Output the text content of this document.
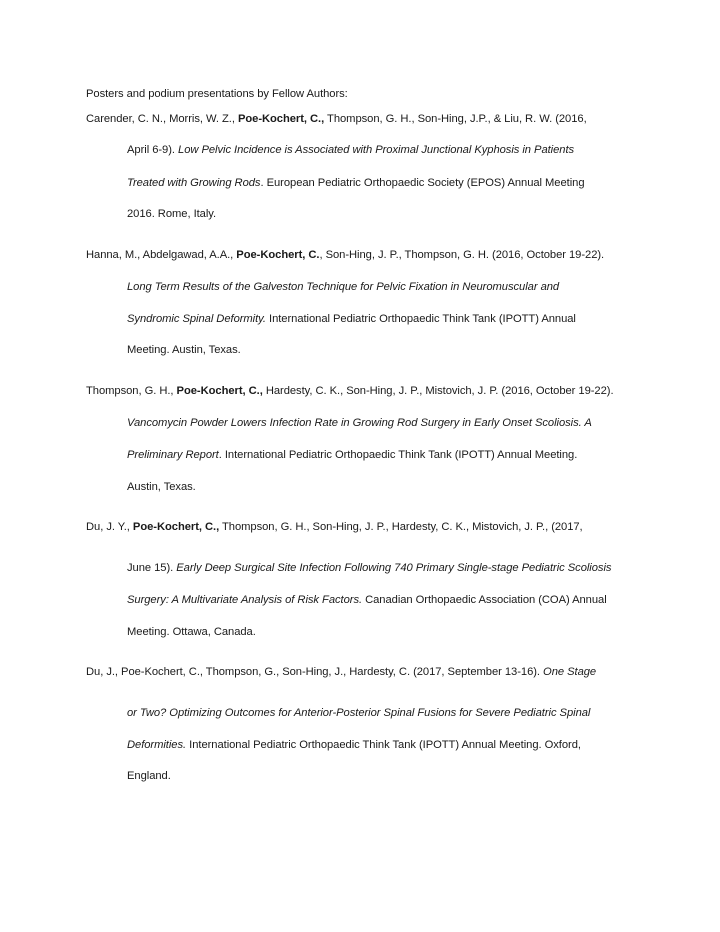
Posters and podium presentations by Fellow Authors:
Carender, C. N., Morris, W. Z., Poe-Kochert, C., Thompson, G. H., Son-Hing, J.P., & Liu, R. W. (2016,
April 6-9). Low Pelvic Incidence is Associated with Proximal Junctional Kyphosis in Patients
Treated with Growing Rods. European Pediatric Orthopaedic Society (EPOS) Annual Meeting
2016. Rome, Italy.
Hanna, M., Abdelgawad, A.A., Poe-Kochert, C., Son-Hing, J. P., Thompson, G. H. (2016, October 19-22).
Long Term Results of the Galveston Technique for Pelvic Fixation in Neuromuscular and
Syndromic Spinal Deformity. International Pediatric Orthopaedic Think Tank (IPOTT) Annual
Meeting. Austin, Texas.
Thompson, G. H., Poe-Kochert, C., Hardesty, C. K., Son-Hing, J. P., Mistovich, J. P. (2016, October 19-22).
Vancomycin Powder Lowers Infection Rate in Growing Rod Surgery in Early Onset Scoliosis. A
Preliminary Report. International Pediatric Orthopaedic Think Tank (IPOTT) Annual Meeting.
Austin, Texas.
Du, J. Y., Poe-Kochert, C., Thompson, G. H., Son-Hing, J. P., Hardesty, C. K., Mistovich, J. P., (2017,
June 15). Early Deep Surgical Site Infection Following 740 Primary Single-stage Pediatric Scoliosis
Surgery: A Multivariate Analysis of Risk Factors. Canadian Orthopaedic Association (COA) Annual
Meeting. Ottawa, Canada.
Du, J., Poe-Kochert, C., Thompson, G., Son-Hing, J., Hardesty, C. (2017, September 13-16). One Stage
or Two? Optimizing Outcomes for Anterior-Posterior Spinal Fusions for Severe Pediatric Spinal
Deformities. International Pediatric Orthopaedic Think Tank (IPOTT) Annual Meeting. Oxford,
England.
